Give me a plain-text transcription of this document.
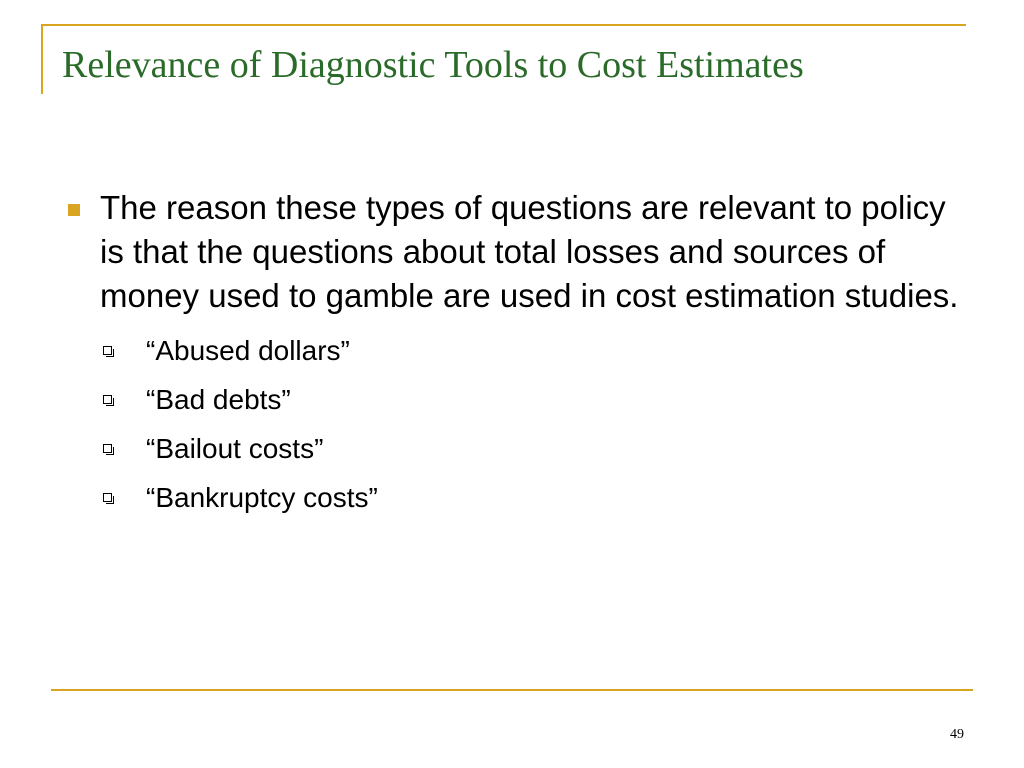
Relevance of Diagnostic Tools to Cost Estimates
The reason these types of questions are relevant to policy is that the questions about total losses and sources of money used to gamble are used in cost estimation studies.
“Abused dollars”
“Bad debts”
“Bailout costs”
“Bankruptcy costs”
49
